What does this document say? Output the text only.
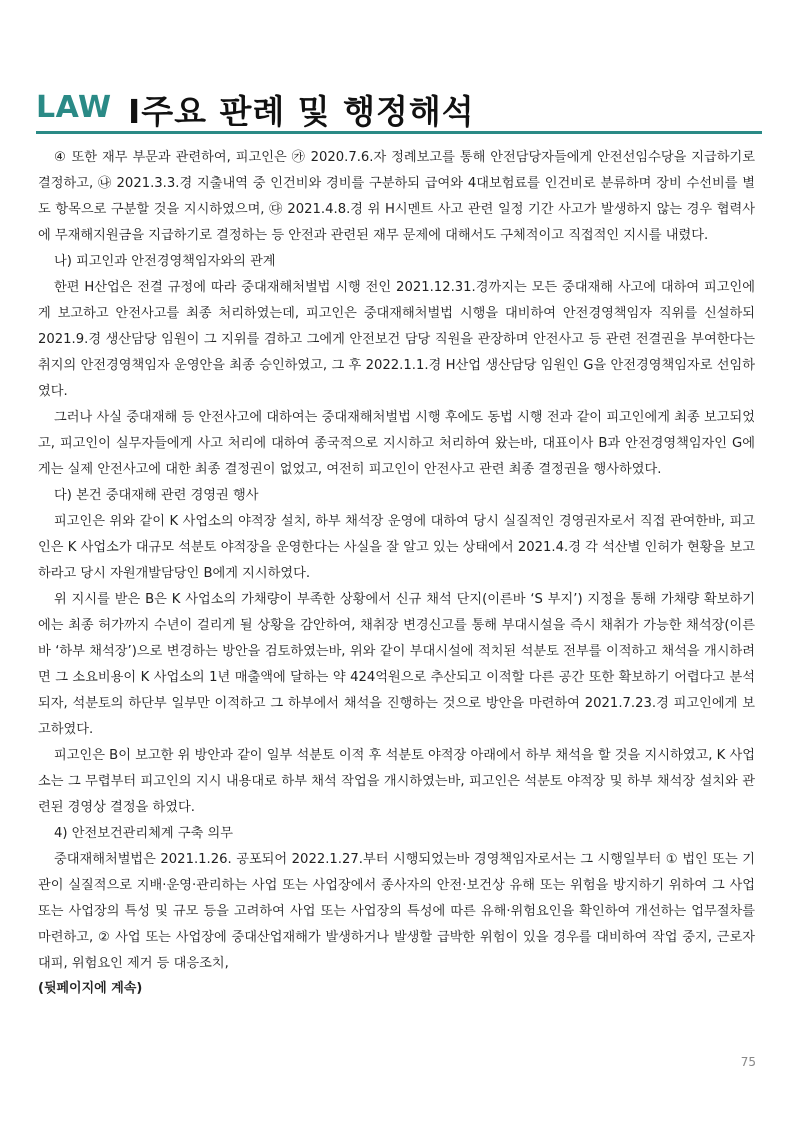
LAW Ⅰ주요 판례 및 행정해석

④ 또한 재무 부문과 관련하여, 피고인은 ㉮ 2020.7.6.자 정례보고를 통해 안전담당자들에게 안전선임수당을 지급하기로 결정하고, ㉯ 2021.3.3.경 지출내역 중 인건비와 경비를 구분하되 급여와 4대보험료를 인건비로 분류하며 장비 수선비를 별도 항목으로 구분할 것을 지시하였으며, ㉰ 2021.4.8.경 위 H시멘트 사고 관련 일정 기간 사고가 발생하지 않는 경우 협력사에 무재해지원금을 지급하기로 결정하는 등 안전과 관련된 재무 문제에 대해서도 구체적이고 직접적인 지시를 내렸다.

나) 피고인과 안전경영책임자와의 관계

한편 H산업은 전결 규정에 따라 중대재해처벌법 시행 전인 2021.12.31.경까지는 모든 중대재해 사고에 대하여 피고인에게 보고하고 안전사고를 최종 처리하였는데, 피고인은 중대재해처벌법 시행을 대비하여 안전경영책임자 직위를 신설하되 2021.9.경 생산담당 임원이 그 지위를 겸하고 그에게 안전보건 담당 직원을 관장하며 안전사고 등 관련 전결권을 부여한다는 취지의 안전경영책임자 운영안을 최종 승인하였고, 그 후 2022.1.1.경 H산업 생산담당 임원인 G을 안전경영책임자로 선임하였다.

그러나 사실 중대재해 등 안전사고에 대하여는 중대재해처벌법 시행 후에도 동법 시행 전과 같이 피고인에게 최종 보고되었고, 피고인이 실무자들에게 사고 처리에 대하여 종국적으로 지시하고 처리하여 왔는바, 대표이사 B과 안전경영책임자인 G에게는 실제 안전사고에 대한 최종 결정권이 없었고, 여전히 피고인이 안전사고 관련 최종 결정권을 행사하였다.

다) 본건 중대재해 관련 경영권 행사

피고인은 위와 같이 K 사업소의 야적장 설치, 하부 채석장 운영에 대하여 당시 실질적인 경영권자로서 직접 관여한바, 피고인은 K 사업소가 대규모 석분토 야적장을 운영한다는 사실을 잘 알고 있는 상태에서 2021.4.경 각 석산별 인허가 현황을 보고하라고 당시 자원개발담당인 B에게 지시하였다.

위 지시를 받은 B은 K 사업소의 가채량이 부족한 상황에서 신규 채석 단지(이른바 ‘S 부지’) 지정을 통해 가채량 확보하기에는 최종 허가까지 수년이 걸리게 될 상황을 감안하여, 채취장 변경신고를 통해 부대시설을 즉시 채취가 가능한 채석장(이른바 ‘하부 채석장’)으로 변경하는 방안을 검토하였는바, 위와 같이 부대시설에 적치된 석분토 전부를 이적하고 채석을 개시하려면 그 소요비용이 K 사업소의 1년 매출액에 달하는 약 424억원으로 추산되고 이적할 다른 공간 또한 확보하기 어렵다고 분석되자, 석분토의 하단부 일부만 이적하고 그 하부에서 채석을 진행하는 것으로 방안을 마련하여 2021.7.23.경 피고인에게 보고하였다.

피고인은 B이 보고한 위 방안과 같이 일부 석분토 이적 후 석분토 야적장 아래에서 하부 채석을 할 것을 지시하였고, K 사업소는 그 무렵부터 피고인의 지시 내용대로 하부 채석 작업을 개시하였는바, 피고인은 석분토 야적장 및 하부 채석장 설치와 관련된 경영상 결정을 하였다.

4) 안전보건관리체계 구축 의무

중대재해처벌법은 2021.1.26. 공포되어 2022.1.27.부터 시행되었는바 경영책임자로서는 그 시행일부터 ① 법인 또는 기관이 실질적으로 지배·운영·관리하는 사업 또는 사업장에서 종사자의 안전·보건상 유해 또는 위험을 방지하기 위하여 그 사업 또는 사업장의 특성 및 규모 등을 고려하여 사업 또는 사업장의 특성에 따른 유해·위험요인을 확인하여 개선하는 업무절차를 마련하고, ② 사업 또는 사업장에 중대산업재해가 발생하거나 발생할 급박한 위험이 있을 경우를 대비하여 작업 중지, 근로자 대피, 위험요인 제거 등 대응조치,

(뒷페이지에 계속)

75
